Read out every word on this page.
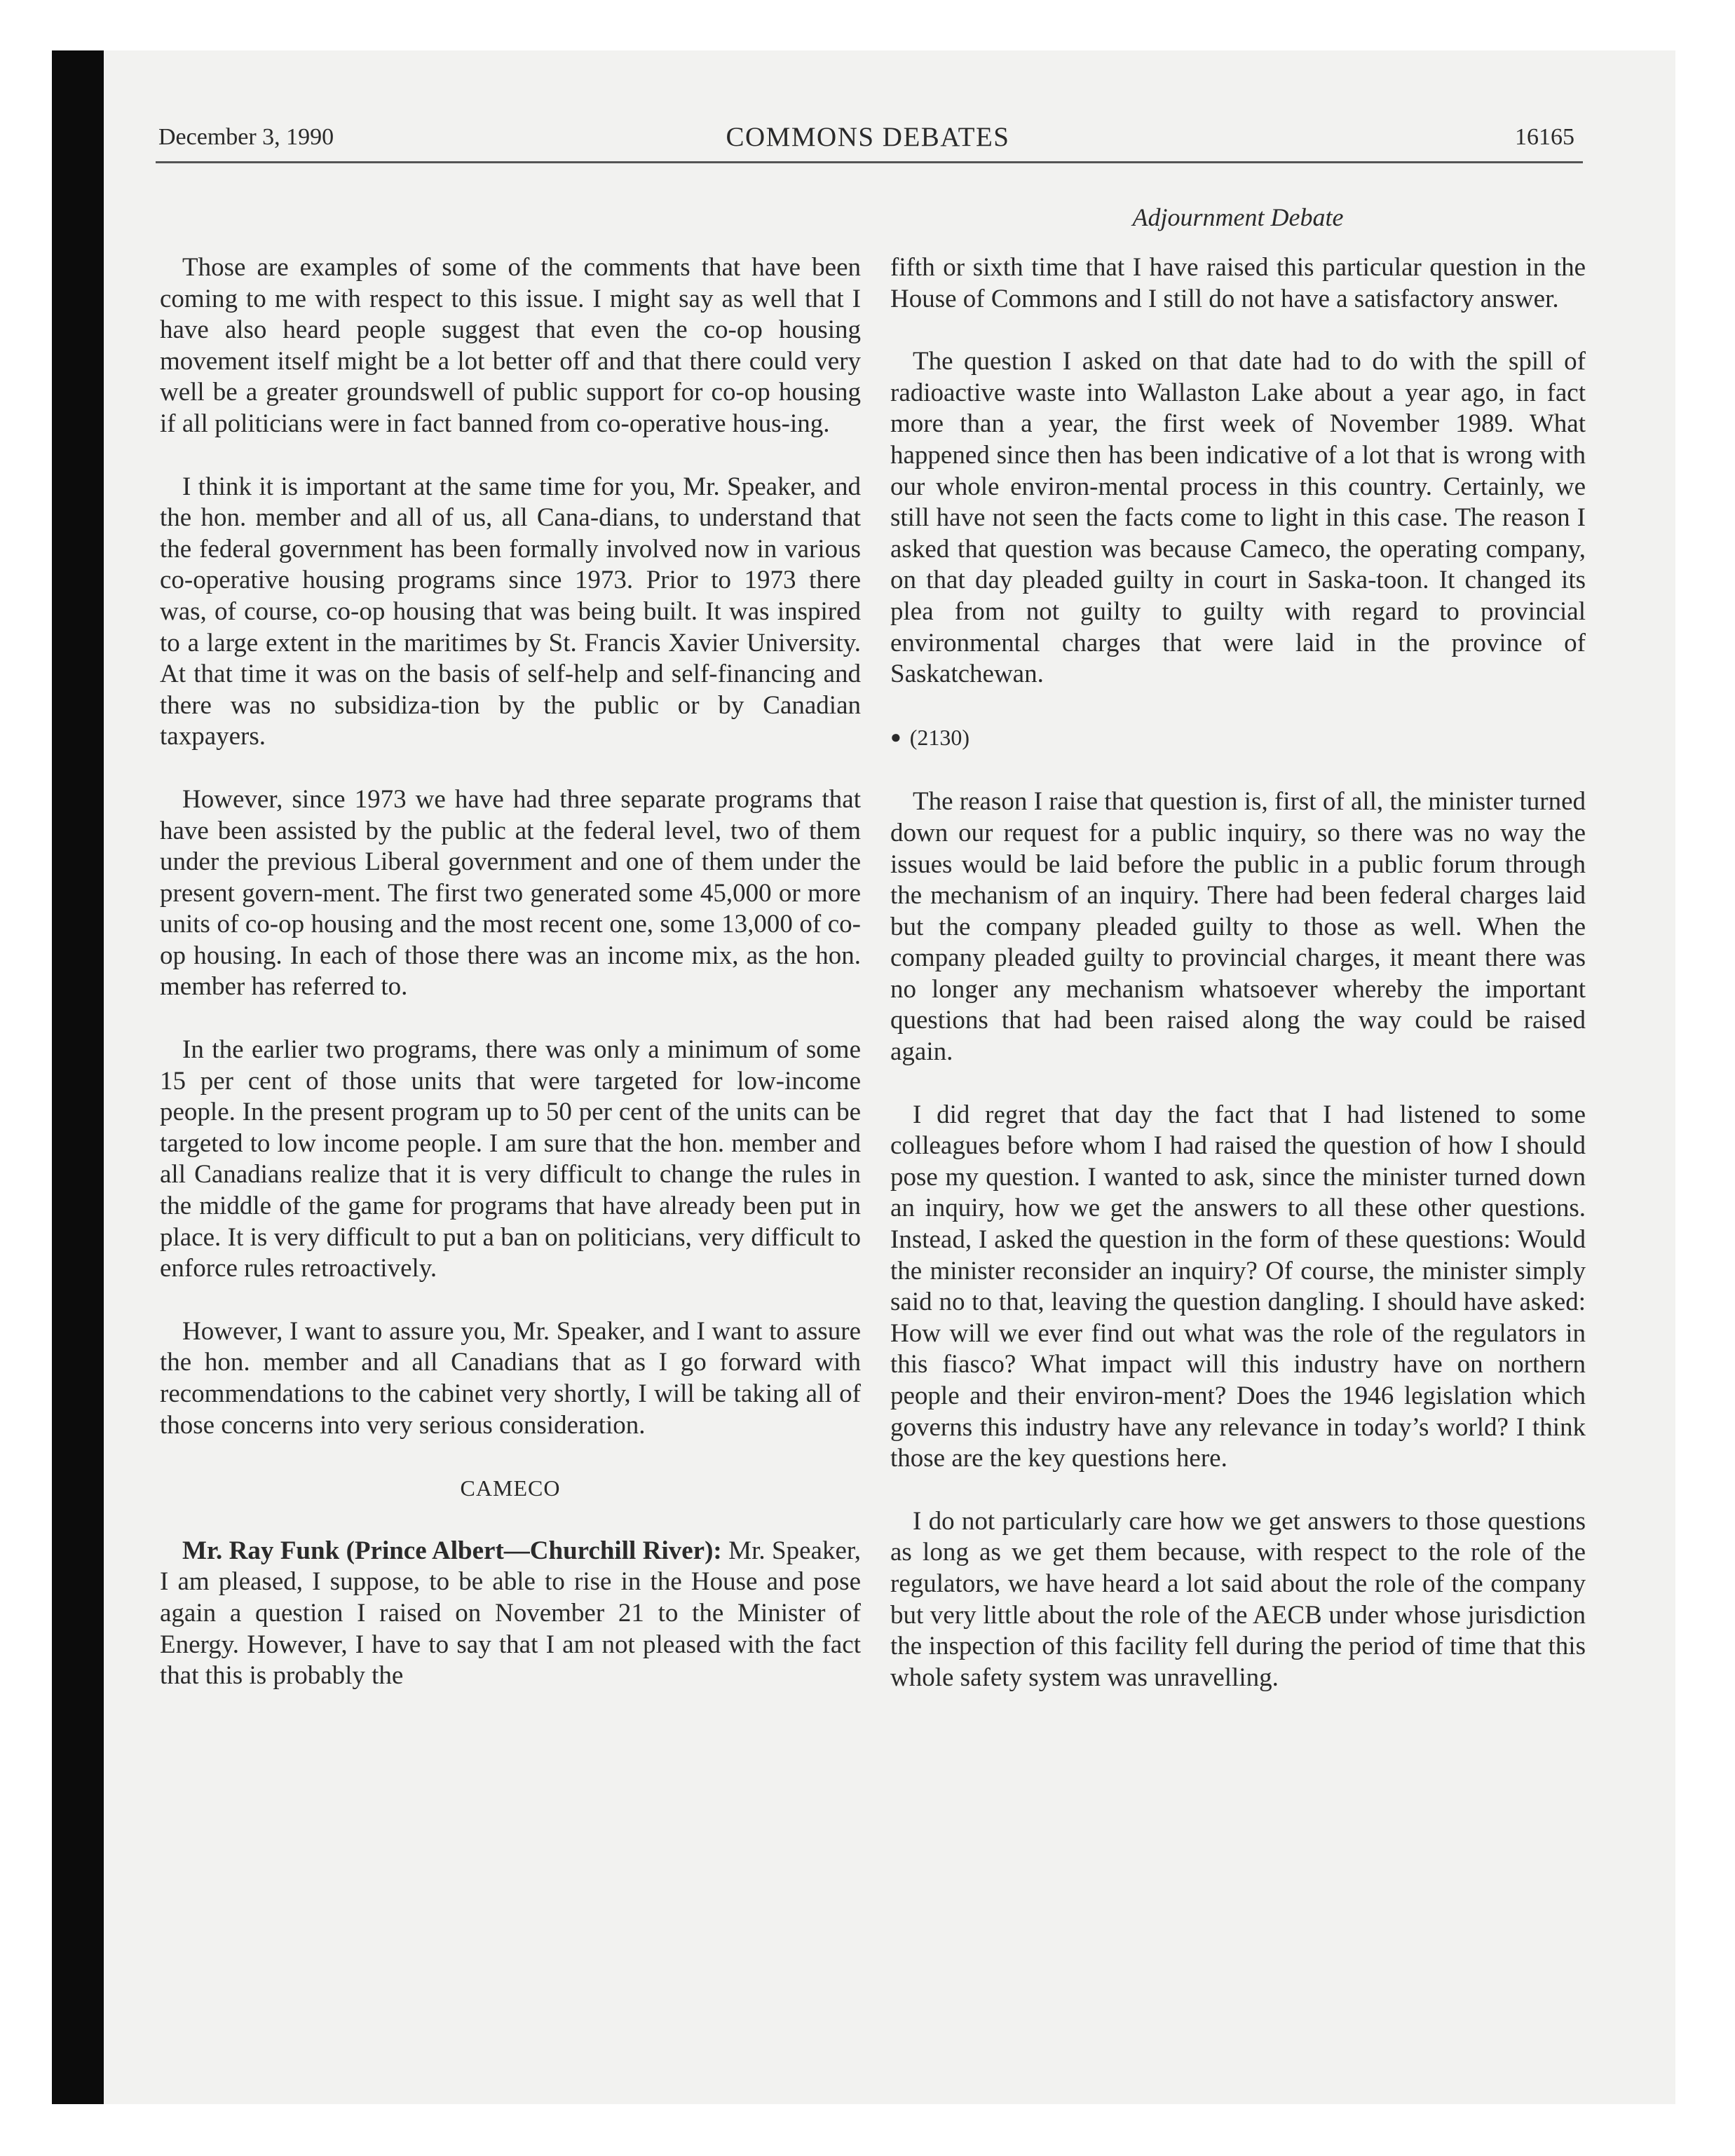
December 3, 1990	COMMONS DEBATES	16165
Adjournment Debate

Those are examples of some of the comments that have been coming to me with respect to this issue. I might say as well that I have also heard people suggest that even the co-op housing movement itself might be a lot better off and that there could very well be a greater groundswell of public support for co-op housing if all politicians were in fact banned from co-operative hous-ing.

I think it is important at the same time for you, Mr. Speaker, and the hon. member and all of us, all Cana-dians, to understand that the federal government has been formally involved now in various co-operative housing programs since 1973. Prior to 1973 there was, of course, co-op housing that was being built. It was inspired to a large extent in the maritimes by St. Francis Xavier University. At that time it was on the basis of self-help and self-financing and there was no subsidiza-tion by the public or by Canadian taxpayers.

However, since 1973 we have had three separate programs that have been assisted by the public at the federal level, two of them under the previous Liberal government and one of them under the present govern-ment. The first two generated some 45,000 or more units of co-op housing and the most recent one, some 13,000 of co-op housing. In each of those there was an income mix, as the hon. member has referred to.

In the earlier two programs, there was only a minimum of some 15 per cent of those units that were targeted for low-income people. In the present program up to 50 per cent of the units can be targeted to low income people. I am sure that the hon. member and all Canadians realize that it is very difficult to change the rules in the middle of the game for programs that have already been put in place. It is very difficult to put a ban on politicians, very difficult to enforce rules retroactively.

However, I want to assure you, Mr. Speaker, and I want to assure the hon. member and all Canadians that as I go forward with recommendations to the cabinet very shortly, I will be taking all of those concerns into very serious consideration.

CAMECO

Mr. Ray Funk (Prince Albert—Churchill River): Mr. Speaker, I am pleased, I suppose, to be able to rise in the House and pose again a question I raised on November 21 to the Minister of Energy. However, I have to say that I am not pleased with the fact that this is probably the

fifth or sixth time that I have raised this particular question in the House of Commons and I still do not have a satisfactory answer.

The question I asked on that date had to do with the spill of radioactive waste into Wallaston Lake about a year ago, in fact more than a year, the first week of November 1989. What happened since then has been indicative of a lot that is wrong with our whole environ-mental process in this country. Certainly, we still have not seen the facts come to light in this case. The reason I asked that question was because Cameco, the operating company, on that day pleaded guilty in court in Saska-toon. It changed its plea from not guilty to guilty with regard to provincial environmental charges that were laid in the province of Saskatchewan.

● (2130)

The reason I raise that question is, first of all, the minister turned down our request for a public inquiry, so there was no way the issues would be laid before the public in a public forum through the mechanism of an inquiry. There had been federal charges laid but the company pleaded guilty to those as well. When the company pleaded guilty to provincial charges, it meant there was no longer any mechanism whatsoever whereby the important questions that had been raised along the way could be raised again.

I did regret that day the fact that I had listened to some colleagues before whom I had raised the question of how I should pose my question. I wanted to ask, since the minister turned down an inquiry, how we get the answers to all these other questions. Instead, I asked the question in the form of these questions: Would the minister reconsider an inquiry? Of course, the minister simply said no to that, leaving the question dangling. I should have asked: How will we ever find out what was the role of the regulators in this fiasco? What impact will this industry have on northern people and their environ-ment? Does the 1946 legislation which governs this industry have any relevance in today’s world? I think those are the key questions here.

I do not particularly care how we get answers to those questions as long as we get them because, with respect to the role of the regulators, we have heard a lot said about the role of the company but very little about the role of the AECB under whose jurisdiction the inspection of this facility fell during the period of time that this whole safety system was unravelling.
